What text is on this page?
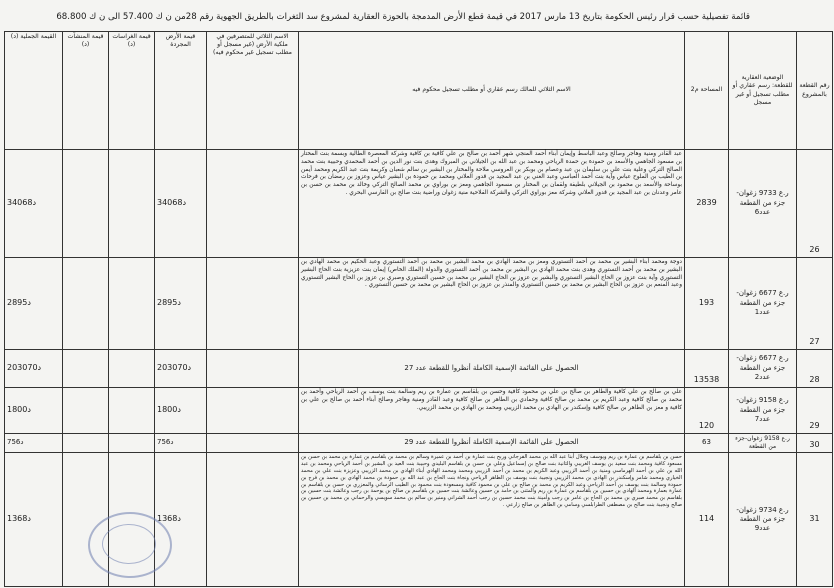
قائمة تفصيلية حسب قرار رئيس الحكومة بتاريخ 13 مارس 2017 في قيمة قطع الأرض المدمجة بالحوزة العقارية لمشروع سد الثغرات بالطريق الجهوية رقم 28من ن ك 57.400 الى ن ك 68.800
رقم القطعة بالمشروع	الوضعية العقارية للقطعة: رسم عقاري أو مطلب تسجيل أو غير مسجل	المساحة م2	الاسم الثلاثي للمالك رسم عقاري أو مطلب تسجيل محكوم فيه	الاسم الثلاثي للمتصرفين في ملكية الأرض (غير مسجل أو مطلب تسجيل غير محكوم فيه)	قيمة الأرض المجردة	قيمة الغراسات (د)	قيمة المنشآت (د)	القيمة الجملية (د)
26	ر.ع 9733 زغوان-جزء من القطعة عدد6	2839	عبد القادر ومنية وهاجر وصالح وعبد الباسط وإيمان أبناء أحمد المنجي شهر أحمد بن صالح بن علي كافية بن كافية وشركة المعصرة الطالية وبسمة بنت المختار بن مسعود الجاهمي والأسعد بن حمودة بن حمدة الرياحي ومحمد بن عبد الله بن الجيلاني بن المبروك وهدى بنت نور الدين بن أحمد المحمدي وحبيبة بنت محمد الصالح التركي وعلية بنت علي بن سليمان بن عبد وعصام بن بوبكر بن العروسي ملاحة والمختار بن البشير بن سالم شعبان وكريمة بنت عبد الكريم ومحمد أيمن بن الطيب بن الملوح عباس وآية بنت أحمد العباسي وعبد الغني بن عبد المجيد بن قدور العلاني ومحمد بن حمودة بن البشير عياس وعزوز بن رمضان بن فرحات بوساحة والأسعد بن محمود بن الجيلاني بلطيفة ولقمان بن المختار بن مسعود الجاهمي ومعز بن بوراوي بن محمد الصالح التركي وخالد بن محمد بن حسن بن عامر وعدنان بن عبد المجيد بن قدور العلاني وشركة معز بوراوي التركي والشركة الفلاحية منية زغوان وراضية بنت صالح بن الفارسي البحري .		34068د			34068د
27	ر.ع 6677 زغوان-جزء من القطعة عدد1	193	دوجة ومحمد أبناء البشير بن محمد بن أحمد التستوري ومعز بن محمد الهادي بن محمد البشير بن محمد بن أحمد التستوري وعبد الحكيم بن محمد الهادي بن البشير بن محمد بن أحمد التستوري وهدى بنت محمد الهادي بن البشير بن محمد بن أحمد التستوري والدولة (الملك الخاص) إيمان بنت عزيزية بنت الحاج البشير التستوري وآية بنت عزوز بن الحاج البشير التستوري والبشير بن عزوز بن الحاج البشير بن محمد بن حسين التستوري وصبري بن عزوز بن الحاج البشير التستوري وعبد المنعم بن عزوز بن الحاج البشير بن محمد بن حسين التستوري والمنذر بن عزوز بن الحاج البشير بن محمد بن حسين التستوري .		2895د			2895د
28	ر.ع 6677 زغوان-جزء من القطعة عدد2	13538	الحصول على القائمة الإسمية الكاملة أنظروا للقطعة عدد 27		203070د			203070د
29	ر.ع 9158 زغوان-جزء من القطعة عدد7	120	علي بن صالح بن علي كافية والطاهر بن صالح بن علي بن محمود كافية وحسن بن بلقاسم بن عمارة بن ريم وسالمة بنت يوسف بن أحمد الرياحي وأحمد بن محمد بن صالح كافية وعبد الكريم بن محمد بن صالح كافية وحمادي بن الطاهر بن صالح كافية وعبد القادر ومنية وهاجر وصالح أبناء أحمد بن صالح بن علي بن كافية و معز بن الطاهر بن صالح كافية وإسكندر بن الهادي بن محمد الزريبي ومحمد بن الهادي بن محمد الزريبي.		1800د			1800د
30	ر.ع 9158 زغوان-جزء من القطعة	63	الحصول على القائمة الإسمية الكاملة أنظروا للقطعة عدد 29		756د			756د
31	ر.ع 9734 زغوان-جزء من القطعة عدد9	114	حسن بن بلقاسم بن عمارة بن ريم ويوسف وجلال أبنا عبد الله بن محمد الفرجاني وربح بنت عمارة بن أحمد بن عميرة وسالم بن محمد بن بلقاسم بن عمارة بن محمد بن حسن بن مسعود كافية ومحمد بنت سعيد بن يوسف الغريبي والثانية بنت صالح بن إسماعيل وعلي بن حسن بن بلقاسم البليدي وحبيبة بنت العيد بن البشير بن أحمد الرياحي ومحمد بن عبد الله بن علي بن أحمد الهرماسي ومنية بن أحمد الزريبي وعبد الكريم بن محمد بن أحمد الزريبي ومحمد ومحمد الهادي أبناء الهادي بن محمد الزريبي وعزيزة بنت علي بن محمد الخياري ومحمد شامر وإسكندر بن الهادي بن محمد الزريبي ونجيبة بنت يوسف بن الطاهر الرياحي ونجاة بنت الحاج بن عبد الله بن حمودة بن محمد الهادي بن محمد بن فرج بن حمودة وسالمة بنت يوسف بن أحمد الرياحي وعبد الكريم بن محمد بن صالح بن علي بن محمود كافية ومسعودة بنت محمود بن الطيب الرساتي والمعزري بن حسن بن بلقاسم بن عمارة بعمارة ومحمد الهادي بن حسين بن بلقاسم بن عمارة بن ريم والمثنى بن حامد بن حسين وعائشة بنت حسين بن بلقاسم بن صالح بن يوحمة بن رجب وعائشة بنت حسين بن بلقاسم بن محمد صبري بن محمد بن الحاج بن عامر بن رجب وأمينة بنت محمد حسين بن رجب أحمد الشراني ومنير بن سالم بن محمد سويسي والرحماني بن محمد بن حسين بن صالح ونجيبة بنت صالح بن مصطفى الطرابلسي وسامي بن الطاهر بن صالح زارعي .		1368د			1368د
